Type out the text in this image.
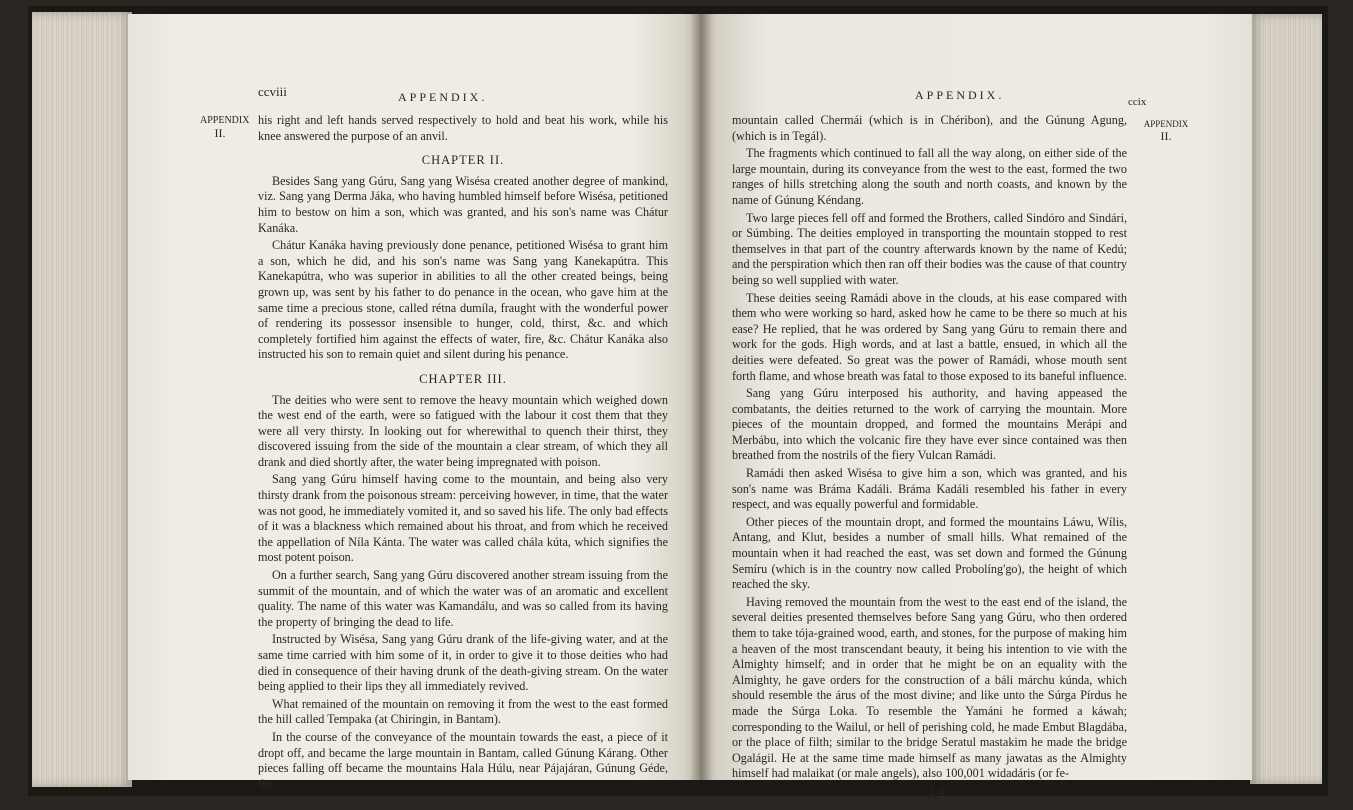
ccviii	APPENDIX.
APPENDIX
II.

his right and left hands served respectively to hold and beat his work, while his knee answered the purpose of an anvil.

CHAPTER II.

Besides Sang yang Gúru, Sang yang Wisésa created another degree of mankind, viz. Sang yang Derma Jáka, who having humbled himself before Wisésa, petitioned him to bestow on him a son, which was granted, and his son's name was Chátur Kanáka.

Chátur Kanáka having previously done penance, petitioned Wisésa to grant him a son, which he did, and his son's name was Sang yang Kanekapútra. This Kanekapútra, who was superior in abilities to all the other created beings, being grown up, was sent by his father to do penance in the ocean, who gave him at the same time a precious stone, called rétna dumíla, fraught with the wonderful power of rendering its possessor insensible to hunger, cold, thirst, &c. and which completely fortified him against the effects of water, fire, &c. Chátur Kanáka also instructed his son to remain quiet and silent during his penance.

CHAPTER III.

The deities who were sent to remove the heavy mountain which weighed down the west end of the earth, were so fatigued with the labour it cost them that they were all very thirsty. In looking out for wherewithal to quench their thirst, they discovered issuing from the side of the mountain a clear stream, of which they all drank and died shortly after, the water being impregnated with poison.

Sang yang Gúru himself having come to the mountain, and being also very thirsty drank from the poisonous stream: perceiving however, in time, that the water was not good, he immediately vomited it, and so saved his life. The only bad effects of it was a blackness which remained about his throat, and from which he received the appellation of Níla Kánta. The water was called chála kúta, which signifies the most potent poison.

On a further search, Sang yang Gúru discovered another stream issuing from the summit of the mountain, and of which the water was of an aromatic and excellent quality. The name of this water was Kamandálu, and was so called from its having the property of bringing the dead to life.

Instructed by Wisésa, Sang yang Gúru drank of the life-giving water, and at the same time carried with him some of it, in order to give it to those deities who had died in consequence of their having drunk of the death-giving stream. On the water being applied to their lips they all immediately revived.

What remained of the mountain on removing it from the west to the east formed the hill called Tempaka (at Chiringin, in Bantam).

In the course of the conveyance of the mountain towards the east, a piece of it dropt off, and became the large mountain in Bantam, called Gúnung Kárang. Other pieces falling off became the mountains Hala Húlu, near Pájajáran, Gúnung Géde, the

mountain

APPENDIX.	ccix
APPENDIX
II.

mountain called Chermái (which is in Chéribon), and the Gúnung Agung, (which is in Tegál).

The fragments which continued to fall all the way along, on either side of the large mountain, during its conveyance from the west to the east, formed the two ranges of hills stretching along the south and north coasts, and known by the name of Gúnung Kéndang.

Two large pieces fell off and formed the Brothers, called Sindóro and Sindári, or Súmbing. The deities employed in transporting the mountain stopped to rest themselves in that part of the country afterwards known by the name of Kedú; and the perspiration which then ran off their bodies was the cause of that country being so well supplied with water.

These deities seeing Ramádi above in the clouds, at his ease compared with them who were working so hard, asked how he came to be there so much at his ease? He replied, that he was ordered by Sang yang Gúru to remain there and work for the gods. High words, and at last a battle, ensued, in which all the deities were defeated. So great was the power of Ramádi, whose mouth sent forth flame, and whose breath was fatal to those exposed to its baneful influence.

Sang yang Gúru interposed his authority, and having appeased the combatants, the deities returned to the work of carrying the mountain. More pieces of the mountain dropped, and formed the mountains Merápi and Merbábu, into which the volcanic fire they have ever since contained was then breathed from the nostrils of the fiery Vulcan Ramádi.

Ramádi then asked Wisésa to give him a son, which was granted, and his son's name was Bráma Kadáli. Bráma Kadáli resembled his father in every respect, and was equally powerful and formidable.

Other pieces of the mountain dropt, and formed the mountains Láwu, Wílis, Antang, and Klut, besides a number of small hills. What remained of the mountain when it had reached the east, was set down and formed the Gúnung Semíru (which is in the country now called Probolíng'go), the height of which reached the sky.

Having removed the mountain from the west to the east end of the island, the several deities presented themselves before Sang yang Gúru, who then ordered them to take tója-grained wood, earth, and stones, for the purpose of making him a heaven of the most transcendant beauty, it being his intention to vie with the Almighty himself; and in order that he might be on an equality with the Almighty, he gave orders for the construction of a báli márchu kúnda, which should resemble the árus of the most divine; and like unto the Súrga Pírdus he made the Súrga Loka. To resemble the Yamáni he formed a káwah; corresponding to the Wailul, or hell of perishing cold, he made Embut Blagdába, or the place of filth; similar to the bridge Seratul mastakim he made the bridge Ogalágil. He at the same time made himself as many jawatas as the Almighty himself had malaikat (or male angels), also 100,001 widadáris (or fe-

2 d
